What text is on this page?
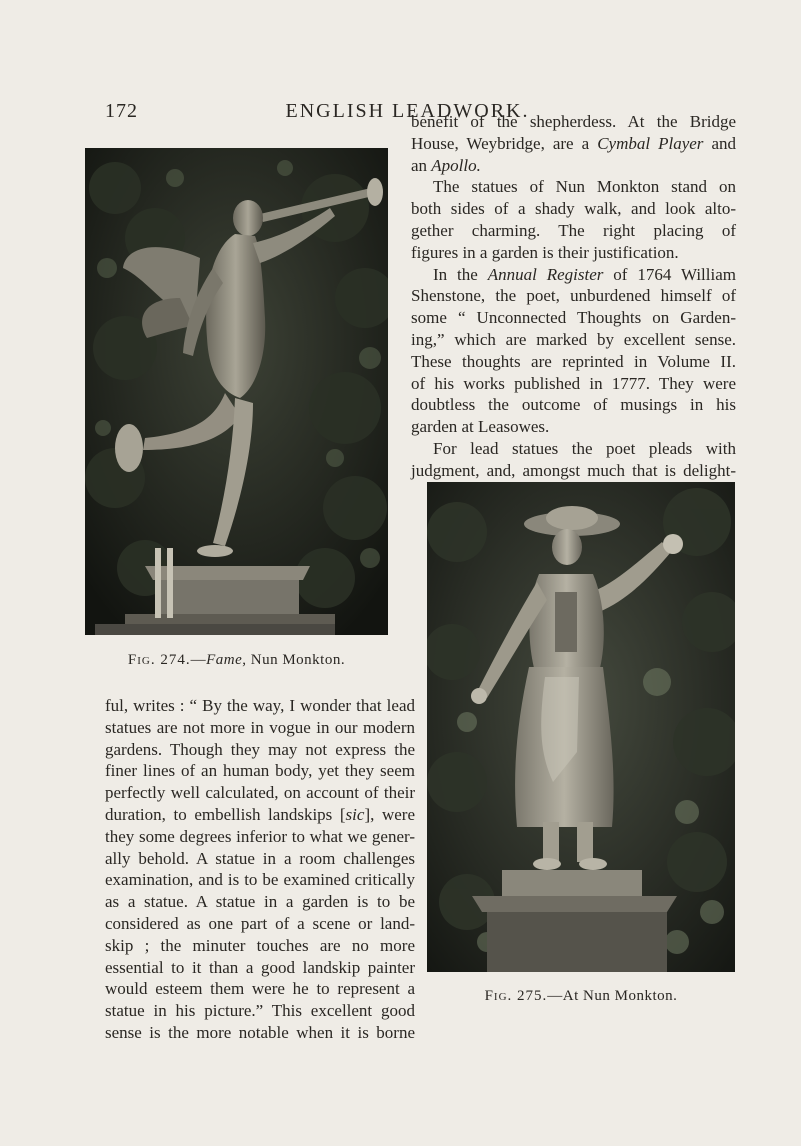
172	ENGLISH LEADWORK.
benefit of the shepherdess. At the Bridge
House, Weybridge, are a Cymbal Player and
an Apollo.
The statues of Nun Monkton stand on
both sides of a shady walk, and look alto-
gether charming. The right placing of
figures in a garden is their justification.
In the Annual Register of 1764 William
Shenstone, the poet, unburdened himself of
some “ Unconnected Thoughts on Garden-
ing,” which are marked by excellent sense.
These thoughts are reprinted in Volume II.
of his works published in 1777. They were
doubtless the outcome of musings in his
garden at Leasowes.
For lead statues the poet pleads with
judgment, and, amongst much that is delight-
Fig. 274.—Fame, Nun Monkton.
ful, writes : “ By the way, I wonder that lead
statues are not more in vogue in our modern
gardens. Though they may not express the
finer lines of an human body, yet they seem
perfectly well calculated, on account of their
duration, to embellish landskips [sic], were
they some degrees inferior to what we gener-
ally behold. A statue in a room challenges
examination, and is to be examined critically
as a statue. A statue in a garden is to be
considered as one part of a scene or land-
skip ; the minuter touches are no more
essential to it than a good landskip painter
would esteem them were he to represent a
statue in his picture.” This excellent good
sense is the more notable when it is borne
Fig. 275.—At Nun Monkton.
